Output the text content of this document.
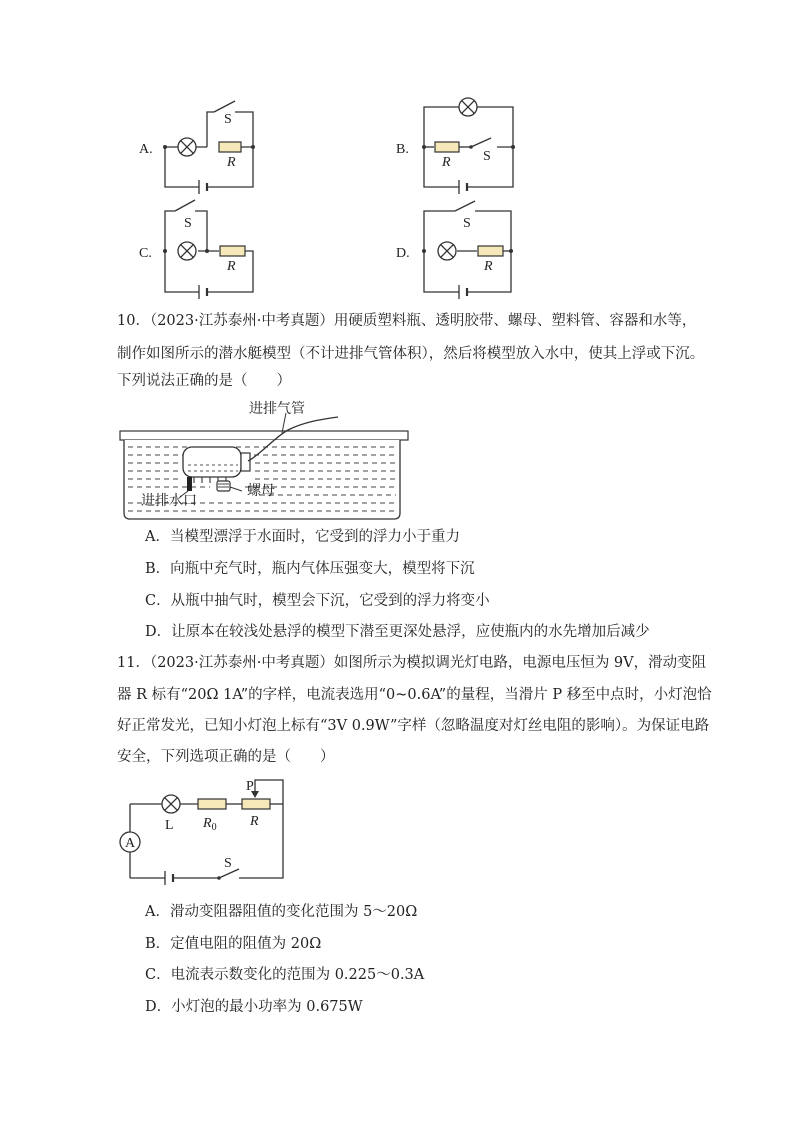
A.
S
R
B.	S
R
C.
S
R
D.
S
R
10．（2023·江苏泰州·中考真题）用硬质塑料瓶、透明胶带、螺母、塑料管、容器和水等，
制作如图所示的潜水艇模型（不计进排气管体积），然后将模型放入水中，使其上浮或下沉。
下列说法正确的是（　　）
进排气管
进排水口
螺母
A．当模型漂浮于水面时，它受到的浮力小于重力
B．向瓶中充气时，瓶内气体压强变大，模型将下沉
C．从瓶中抽气时，模型会下沉，它受到的浮力将变小
D．让原本在较浅处悬浮的模型下潜至更深处悬浮，应使瓶内的水先增加后减少
11．（2023·江苏泰州·中考真题）如图所示为模拟调光灯电路，电源电压恒为 9V，滑动变阻
器 R 标有“20Ω 1A”的字样，电流表选用“0~0.6A”的量程，当滑片 P 移至中点时，小灯泡恰
好正常发光，已知小灯泡上标有“3V 0.9W”字样（忽略温度对灯丝电阻的影响）。为保证电路
安全，下列选项正确的是（　　）
A
L $R_0$ R
P
S
A．滑动变阻器阻值的变化范围为 5～20Ω
B．定值电阻的阻值为 20Ω
C．电流表示数变化的范围为 0.225～0.3A
D．小灯泡的最小功率为 0.675W
